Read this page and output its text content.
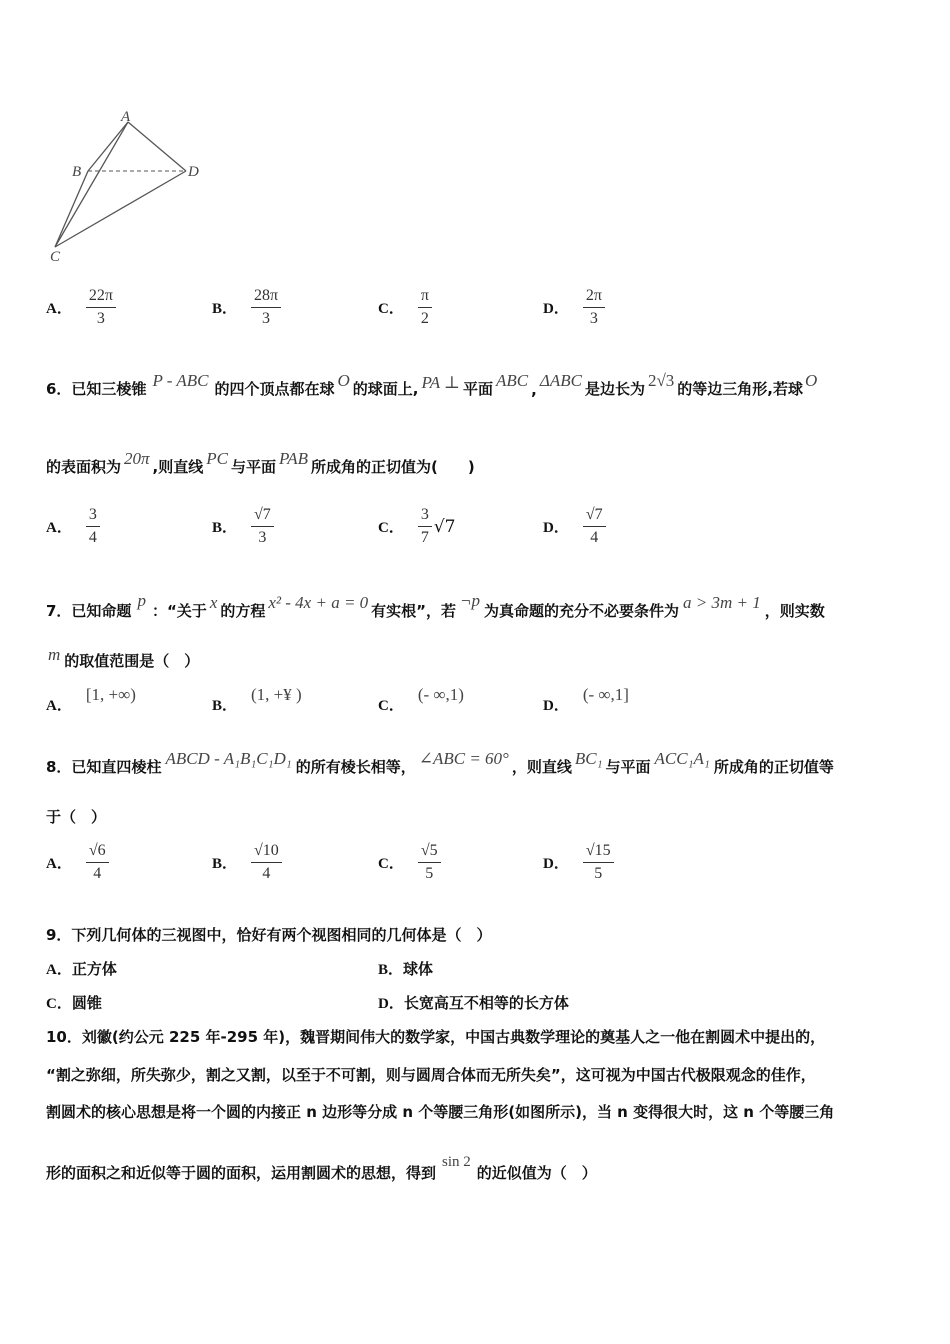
A
B	D
C
A． $\frac{22\pi}{3}$	B． $\frac{28\pi}{3}$	C． $\frac{\pi}{2}$	D． $\frac{2\pi}{3}$
6．已知三棱锥 P - ABC 的四个顶点都在球 O 的球面上, PA ⊥ 平面 ABC , ΔABC 是边长为 2√3 的等边三角形,若球 O
的表面积为 20π ,则直线 PC 与平面 PAB 所成角的正切值为(　　)
A． $\frac{3}{4}$	B． $\frac{√7}{3}$	C． $\frac{3}{7} √7$	D． $\frac{√7}{4}$
7．已知命题
p
：“关于 x 的方程 x² - 4x + a = 0 有实根”，若
¬p
为真命题的充分不必要条件为 a > 3m + 1 ，则实数
m 的取值范围是（　）
A．
[1, +∞)
B．
(1, +¥ )
C．
(- ∞,1)
D．
(- ∞,1]
8．已知直四棱柱 ABCD - A₁B₁C₁D₁ 的所有棱长相等， ∠ABC = 60° ，则直线 BC₁ 与平面 ACC₁A₁ 所成角的正切值等
于（　）
A． $\frac{√6}{4}$	B． $\frac{√10}{4}$	C． $\frac{√5}{5}$	D． $\frac{√15}{5}$
9．下列几何体的三视图中，恰好有两个视图相同的几何体是（　）
A．正方体	B．球体
C．圆锥	D．长宽高互不相等的长方体
10．刘徽(约公元 225 年-295 年)，魏晋期间伟大的数学家，中国古典数学理论的奠基人之一他在割圆术中提出的，
“割之弥细，所失弥少，割之又割，以至于不可割，则与圆周合体而无所失矣”，这可视为中国古代极限观念的佳作，
割圆术的核心思想是将一个圆的内接正 n 边形等分成 n 个等腰三角形(如图所示)，当 n 变得很大时，这 n 个等腰三角
形的面积之和近似等于圆的面积，运用割圆术的思想，得到
sin 2
的近似值为（　）
